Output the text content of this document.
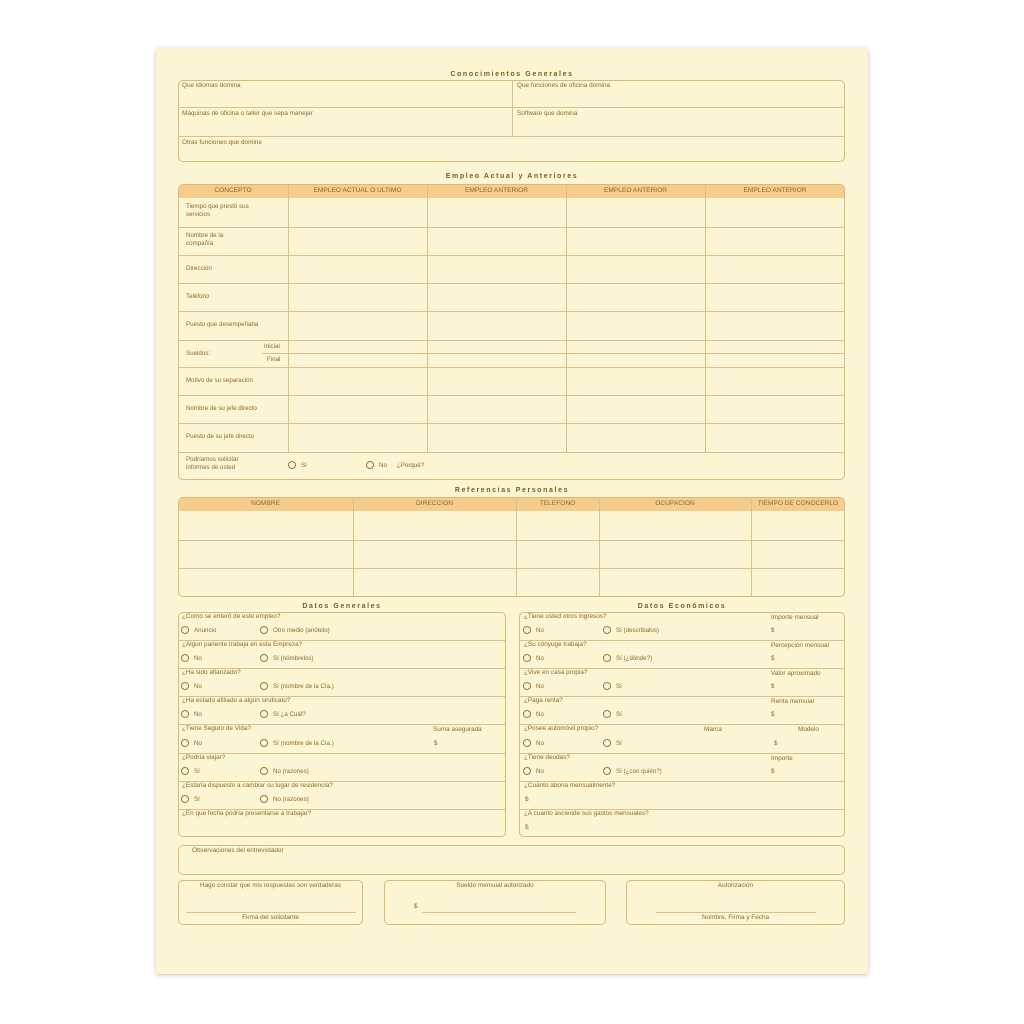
Conocimientos Generales
Que idiomas domina	Que funciones de oficina domina
Máquinas de oficina o taller que sepa manejar	Software que domina
Otras funciones que domine
Empleo Actual y Anteriores
CONCEPTO	EMPLEO ACTUAL O ULTIMO	EMPLEO ANTERIOR	EMPLEO ANTERIOR	EMPLEO ANTERIOR
Tiempo que prestó sus servicios
Nombre de la compañía
Dirección
Teléfono
Puesto que desempeñaba
Sueldos:
Inicial
Final
Motivo de su separación
Nombre de su jefe directo
Puesto de su jefe directo
Podríamos solicitar informes de usted	Sí	No ¿Porqué?
Referencias Personales
NOMBRE	DIRECCION	TELEFONO	OCUPACION	TIEMPO DE CONOCERLO
Datos Generales
¿Como se enteró de este empleo?
Anuncio	Otro medio (anótelo)
¿Algun pariente trabaja en esta Empreza?
No	Sí (nómbrelos)
¿Ha sido afianzado?
No	Sí (nombre de la Cía.)
¿Ha estado afiliado a algún sindicato?
No	Sí ¿a Cuál?
¿Tiene Seguro de Vida?	Suma asegurada
No	Sí (nombre de la Cía.)	$
¿Podría viajar?
Sí	No (razones)
¿Estaría dispuesto a cambiar su lugar de residencia?
Sí	No (razones)
¿En que fecha podría presentarse a trabajar?
Datos Económicos
¿Tiene usted otros ingresos?	Importe mensual
No	Sí (describalos)	$
¿Su cónyuge trabaja?	Percepción mensual
No	Sí (¿dónde?)	$
¿Vive en casa propia?	Valor aproximado
No	Sí	$
¿Paga renta?	Renta mensual
No	Sí	$
¿Posee automóvil propio?	Marca	Modelo
No	Sí	$
¿Tiene deudas?	Importe
No	Sí (¿con quién?)	$
¿Cuánto abona mensualmente?
$
¿A cuanto asciende sus gastos mensuales?
$
Observaciones del entrevistador
Hago constar que mis respuestas son verdaderas
Firma del solicitante
Sueldo mensual autorizado
$
Autorización
Nombre, Firma y Fecha
